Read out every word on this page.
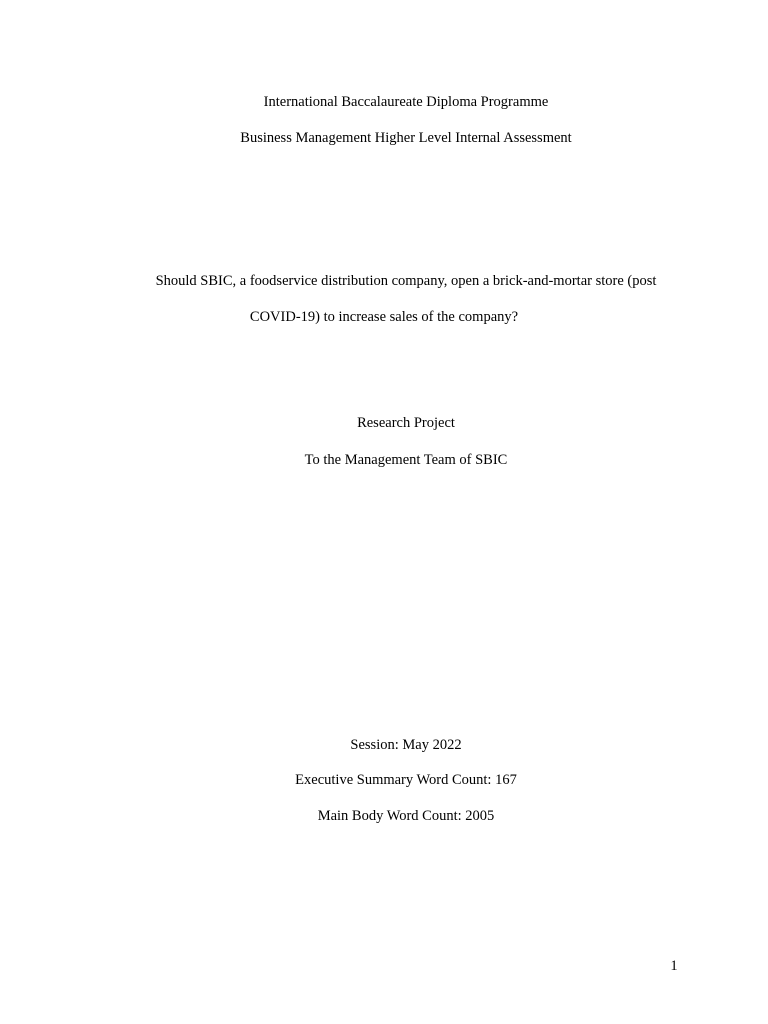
International Baccalaureate Diploma Programme
Business Management Higher Level Internal Assessment
Should SBIC, a foodservice distribution company, open a brick-and-mortar store (post
COVID-19) to increase sales of the company?
Research Project
To the Management Team of SBIC
Session: May 2022
Executive Summary Word Count: 167
Main Body Word Count: 2005
1
